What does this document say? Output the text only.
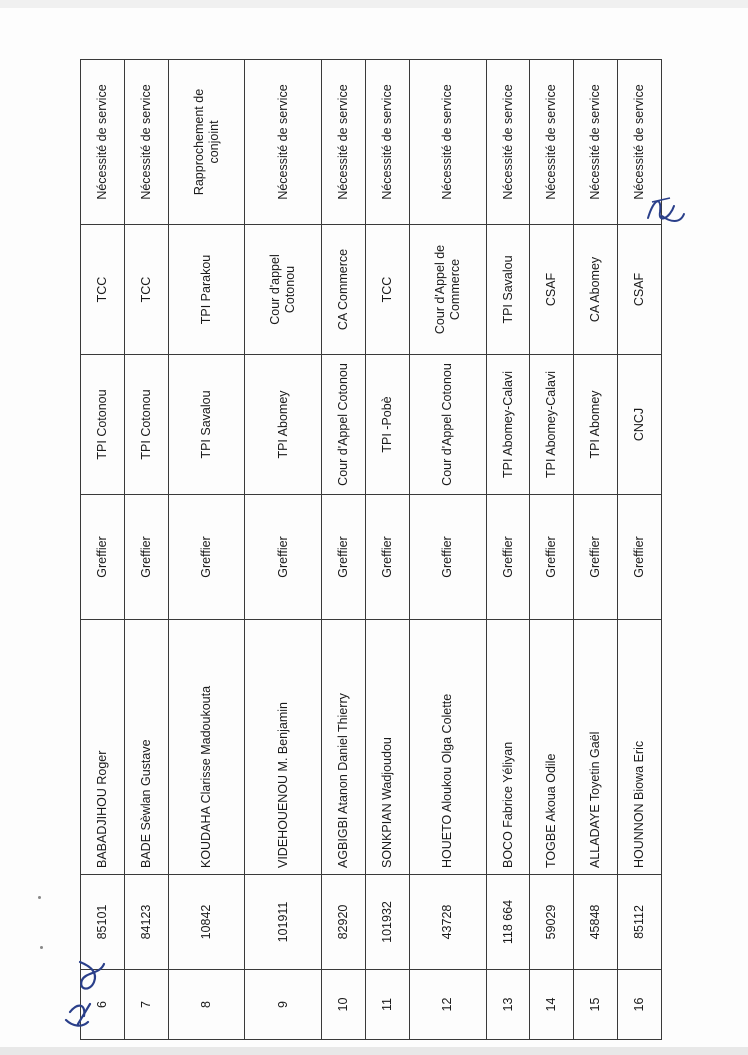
6	85101	BABADJIHOU Roger	Greffier	TPI Cotonou	TCC	Nécessité de service
7	84123	BADE Sèwlan Gustave	Greffier	TPI Cotonou	TCC	Nécessité de service
8	10842	KOUDAHA Clarisse Madoukouta	Greffier	TPI Savalou	TPI Parakou	Rapprochement de conjoint
9	101911	VIDEHOUENOU M. Benjamin	Greffier	TPI Abomey	Cour d'appel Cotonou	Nécessité de service
10	82920	AGBIGBI Atanon Daniel Thierry	Greffier	Cour d'Appel Cotonou	CA Commerce	Nécessité de service
11	101932	SONKPIAN Wadjoudou	Greffier	TPI -Pobè	TCC	Nécessité de service
12	43728	HOUETO Aloukou Olga Colette	Greffier	Cour d'Appel Cotonou	Cour d'Appel de Commerce	Nécessité de service
13	118 664	BOCO Fabrice Yéliyan	Greffier	TPI Abomey-Calavi	TPI Savalou	Nécessité de service
14	59029	TOGBE Akoua Odile	Greffier	TPI Abomey-Calavi	CSAF	Nécessité de service
15	45848	ALLADAYE Toyetin Gaël	Greffier	TPI Abomey	CA Abomey	Nécessité de service
16	85112	HOUNNON Biowa Eric	Greffier	CNCJ	CSAF	Nécessité de service
